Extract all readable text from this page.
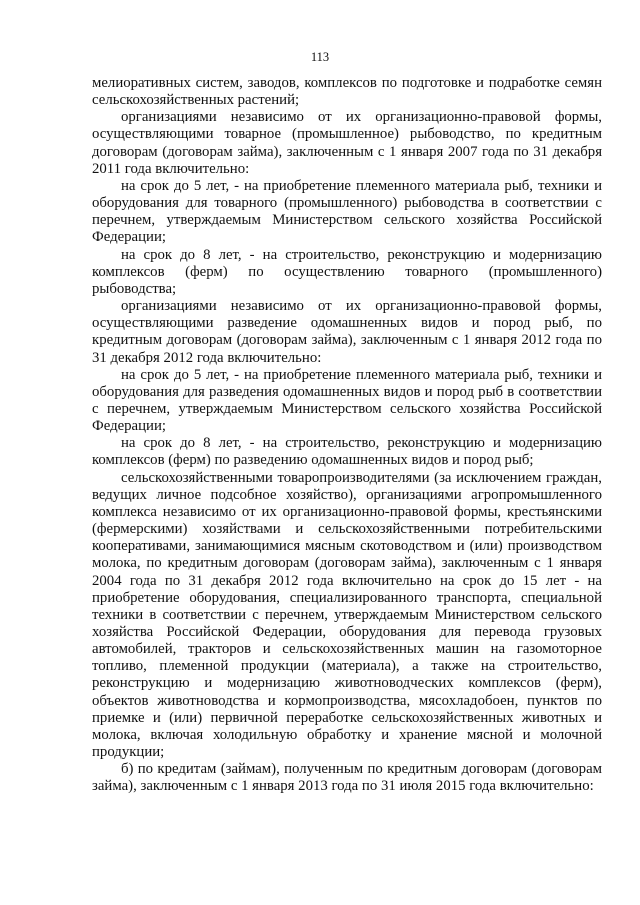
113

мелиоративных систем, заводов, комплексов по подготовке и подработке семян сельскохозяйственных растений;

организациями независимо от их организационно-правовой формы, осуществляющими товарное (промышленное) рыбоводство, по кредитным договорам (договорам займа), заключенным с 1 января 2007 года по 31 декабря 2011 года включительно:

на срок до 5 лет, - на приобретение племенного материала рыб, техники и оборудования для товарного (промышленного) рыбоводства в соответствии с перечнем, утверждаемым Министерством сельского хозяйства Российской Федерации;

на срок до 8 лет, - на строительство, реконструкцию и модернизацию комплексов (ферм) по осуществлению товарного (промышленного) рыбоводства;

организациями независимо от их организационно-правовой формы, осуществляющими разведение одомашненных видов и пород рыб, по кредитным договорам (договорам займа), заключенным с 1 января 2012 года по 31 декабря 2012 года включительно:

на срок до 5 лет, - на приобретение племенного материала рыб, техники и оборудования для разведения одомашненных видов и пород рыб в соответствии с перечнем, утверждаемым Министерством сельского хозяйства Российской Федерации;

на срок до 8 лет, - на строительство, реконструкцию и модернизацию комплексов (ферм) по разведению одомашненных видов и пород рыб;

сельскохозяйственными товаропроизводителями (за исключением граждан, ведущих личное подсобное хозяйство), организациями агропромышленного комплекса независимо от их организационно-правовой формы, крестьянскими (фермерскими) хозяйствами и сельскохозяйственными потребительскими кооперативами, занимающимися мясным скотоводством и (или) производством молока, по кредитным договорам (договорам займа), заключенным с 1 января 2004 года по 31 декабря 2012 года включительно на срок до 15 лет - на приобретение оборудования, специализированного транспорта, специальной техники в соответствии с перечнем, утверждаемым Министерством сельского хозяйства Российской Федерации, оборудования для перевода грузовых автомобилей, тракторов и сельскохозяйственных машин на газомоторное топливо, племенной продукции (материала), а также на строительство, реконструкцию и модернизацию животноводческих комплексов (ферм), объектов животноводства и кормопроизводства, мясохладобоен, пунктов по приемке и (или) первичной переработке сельскохозяйственных животных и молока, включая холодильную обработку и хранение мясной и молочной продукции;

б) по кредитам (займам), полученным по кредитным договорам (договорам займа), заключенным с 1 января 2013 года по 31 июля 2015 года включительно:
